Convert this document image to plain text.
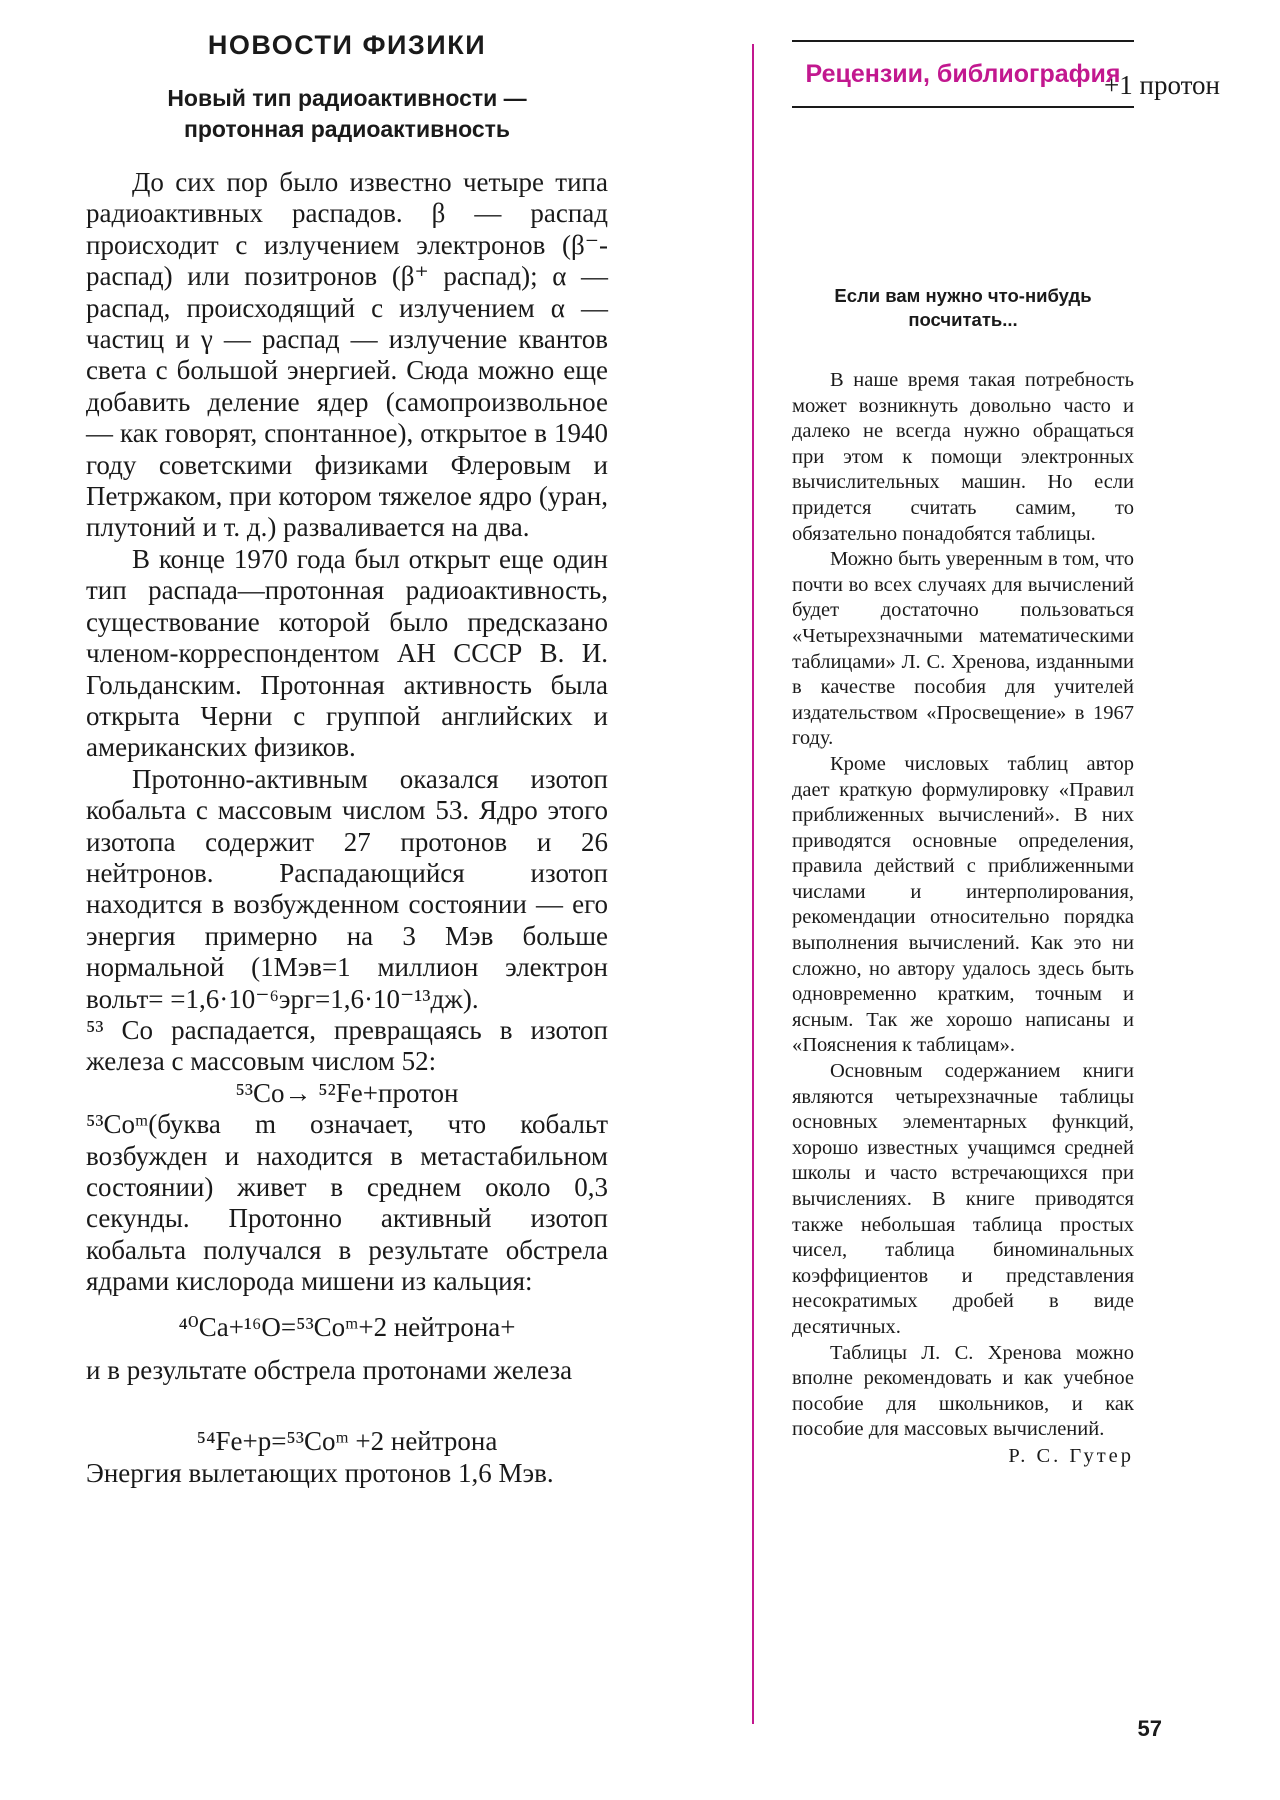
НОВОСТИ ФИЗИКИ
Новый тип радиоактивности —
протонная радиоактивность

До сих пор было известно четыре типа радиоактивных распадов. β — распад происходит с излучением электронов (β⁻- распад) или позитронов (β⁺ распад); α — распад, происходящий с излучением α — частиц и γ — распад — излучение квантов света с большой энергией. Сюда можно еще добавить деление ядер (самопроизвольное — как говорят, спонтанное), открытое в 1940 году советскими физиками Флеровым и Петржаком, при котором тяжелое ядро (уран, плутоний и т. д.) разваливается на два.

В конце 1970 года был открыт еще один тип распада—протонная радиоактивность, существование которой было предсказано членом-корреспондентом АН СССР В. И. Гольданским. Протонная активность была открыта Черни с группой английских и американских физиков.

Протонно-активным оказался изотоп кобальта с массовым числом 53. Ядро этого изотопа содержит 27 протонов и 26 нейтронов. Распадающийся изотоп находится в возбужденном состоянии — его энергия примерно на 3 Мэв больше нормальной (1Мэв=1 миллион электрон вольт= =1,6·10⁻⁶эрг=1,6·10⁻¹³дж).

⁵³ Co распадается, превращаясь в изотоп железа с массовым числом 52:

⁵³Co→ ⁵²Fe+протон

⁵³Coᵐ(буква m означает, что кобальт возбужден и находится в метастабильном состоянии) живет в среднем около 0,3 секунды. Протонно активный изотоп кобальта получался в результате обстрела ядрами кислорода мишени из кальция:

⁴⁰Ca+¹⁶O=⁵³Coᵐ+2 нейтрона+
+1 протон

и в результате обстрела протонами железа

⁵⁴Fe+p=⁵³Coᵐ +2 нейтрона

Энергия вылетающих протонов 1,6 Мэв.

Рецензии, библиография
Если вам нужно что-нибудь
посчитать...

В наше время такая потребность может возникнуть довольно часто и далеко не всегда нужно обращаться при этом к помощи электронных вычислительных машин. Но если придется считать самим, то обязательно понадобятся таблицы.

Можно быть уверенным в том, что почти во всех случаях для вычислений будет достаточно пользоваться «Четырехзначными математическими таблицами» Л. С. Хренова, изданными в качестве пособия для учителей издательством «Просвещение» в 1967 году.

Кроме числовых таблиц автор дает краткую формулировку «Правил приближенных вычислений». В них приводятся основные определения, правила действий с приближенными числами и интерполирования, рекомендации относительно порядка выполнения вычислений. Как это ни сложно, но автору удалось здесь быть одновременно кратким, точным и ясным. Так же хорошо написаны и «Пояснения к таблицам».

Основным содержанием книги являются четырехзначные таблицы основных элементарных функций, хорошо известных учащимся средней школы и часто встречающихся при вычислениях. В книге приводятся также небольшая таблица простых чисел, таблица биноминальных коэффициентов и представления несократимых дробей в виде десятичных.

Таблицы Л. С. Хренова можно вполне рекомендовать и как учебное пособие для школьников, и как пособие для массовых вычислений.

Р. С. Гутер
57
